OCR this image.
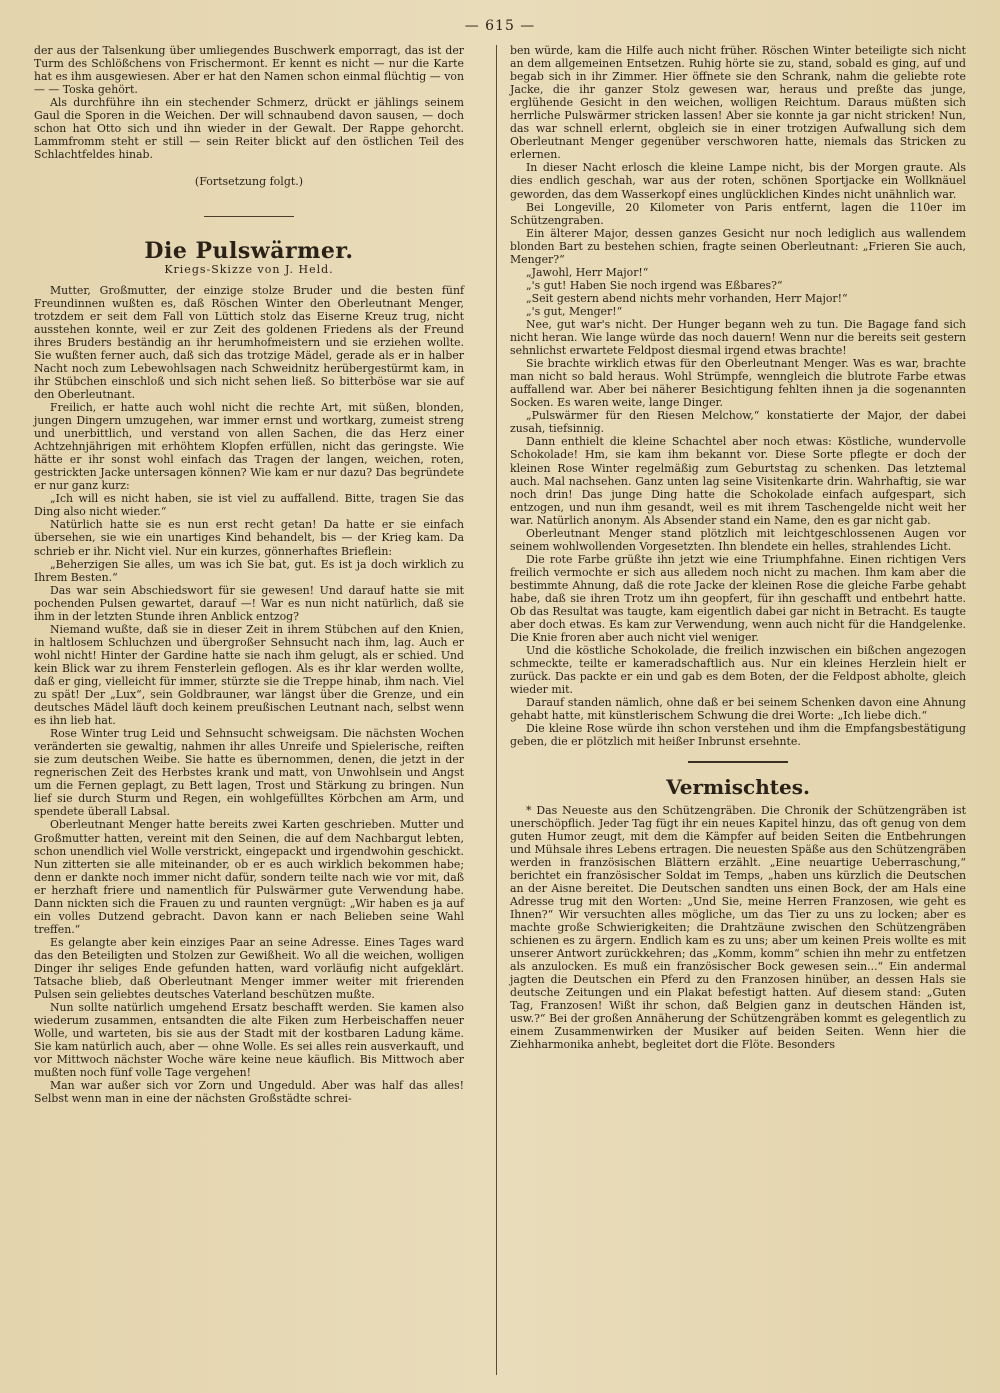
— 615 —

der aus der Talsenkung über umliegendes Buschwerk emporragt, das ist der Turm des Schlößchens von Frischermont. Er kennt es nicht — nur die Karte hat es ihm ausgewiesen. Aber er hat den Namen schon einmal flüchtig — von — — Toska gehört.

Als durchführe ihn ein stechender Schmerz, drückt er jählings seinem Gaul die Sporen in die Weichen. Der will schnaubend davon sausen, — doch schon hat Otto sich und ihn wieder in der Gewalt. Der Rappe gehorcht. Lammfromm steht er still — sein Reiter blickt auf den östlichen Teil des Schlachtfeldes hinab.

(Fortsetzung folgt.)
Die Pulswärmer.
Kriegs-Skizze von J. Held.

Mutter, Großmutter, der einzige stolze Bruder und die besten fünf Freundinnen wußten es, daß Röschen Winter den Oberleutnant Menger, trotzdem er seit dem Fall von Lüttich stolz das Eiserne Kreuz trug, nicht ausstehen konnte, weil er zur Zeit des goldenen Friedens als der Freund ihres Bruders beständig an ihr herumhofmeistern und sie erziehen wollte. Sie wußten ferner auch, daß sich das trotzige Mädel, gerade als er in halber Nacht noch zum Lebewohlsagen nach Schweidnitz herübergestürmt kam, in ihr Stübchen einschloß und sich nicht sehen ließ. So bitterböse war sie auf den Oberleutnant.

Freilich, er hatte auch wohl nicht die rechte Art, mit süßen, blonden, jungen Dingern umzugehen, war immer ernst und wortkarg, zumeist streng und unerbittlich, und verstand von allen Sachen, die das Herz einer Achtzehnjährigen mit erhöhtem Klopfen erfüllen, nicht das geringste. Wie hätte er ihr sonst wohl einfach das Tragen der langen, weichen, roten, gestrickten Jacke untersagen können? Wie kam er nur dazu? Das begründete er nur ganz kurz:

„Ich will es nicht haben, sie ist viel zu auffallend. Bitte, tragen Sie das Ding also nicht wieder.“

Natürlich hatte sie es nun erst recht getan! Da hatte er sie einfach übersehen, sie wie ein unartiges Kind behandelt, bis — der Krieg kam. Da schrieb er ihr. Nicht viel. Nur ein kurzes, gönnerhaftes Brieflein:

„Beherzigen Sie alles, um was ich Sie bat, gut. Es ist ja doch wirklich zu Ihrem Besten.“

Das war sein Abschiedswort für sie gewesen! Und darauf hatte sie mit pochenden Pulsen gewartet, darauf —! War es nun nicht natürlich, daß sie ihm in der letzten Stunde ihren Anblick entzog?

Niemand wußte, daß sie in dieser Zeit in ihrem Stübchen auf den Knien, in haltlosem Schluchzen und übergroßer Sehnsucht nach ihm, lag. Auch er wohl nicht! Hinter der Gardine hatte sie nach ihm gelugt, als er schied. Und kein Blick war zu ihrem Fensterlein geflogen. Als es ihr klar werden wollte, daß er ging, vielleicht für immer, stürzte sie die Treppe hinab, ihm nach. Viel zu spät! Der „Lux“, sein Goldbrauner, war längst über die Grenze, und ein deutsches Mädel läuft doch keinem preußischen Leutnant nach, selbst wenn es ihn lieb hat.

Rose Winter trug Leid und Sehnsucht schweigsam. Die nächsten Wochen veränderten sie gewaltig, nahmen ihr alles Unreife und Spielerische, reiften sie zum deutschen Weibe. Sie hatte es übernommen, denen, die jetzt in der regnerischen Zeit des Herbstes krank und matt, von Unwohlsein und Angst um die Fernen geplagt, zu Bett lagen, Trost und Stärkung zu bringen. Nun lief sie durch Sturm und Regen, ein wohlgefülltes Körbchen am Arm, und spendete überall Labsal.

Oberleutnant Menger hatte bereits zwei Karten geschrieben. Mutter und Großmutter hatten, vereint mit den Seinen, die auf dem Nachbargut lebten, schon unendlich viel Wolle verstrickt, eingepackt und irgendwohin geschickt. Nun zitterten sie alle miteinander, ob er es auch wirklich bekommen habe; denn er dankte noch immer nicht dafür, sondern teilte nach wie vor mit, daß er herzhaft friere und namentlich für Pulswärmer gute Verwendung habe. Dann nickten sich die Frauen zu und raunten vergnügt: „Wir haben es ja auf ein volles Dutzend gebracht. Davon kann er nach Belieben seine Wahl treffen.“

Es gelangte aber kein einziges Paar an seine Adresse. Eines Tages ward das den Beteiligten und Stolzen zur Gewißheit. Wo all die weichen, wolligen Dinger ihr seliges Ende gefunden hatten, ward vorläufig nicht aufgeklärt. Tatsache blieb, daß Oberleutnant Menger immer weiter mit frierenden Pulsen sein geliebtes deutsches Vaterland beschützen mußte.

Nun sollte natürlich umgehend Ersatz beschafft werden. Sie kamen also wiederum zusammen, entsandten die alte Fiken zum Herbeischaffen neuer Wolle, und warteten, bis sie aus der Stadt mit der kostbaren Ladung käme. Sie kam natürlich auch, aber — ohne Wolle. Es sei alles rein ausverkauft, und vor Mittwoch nächster Woche wäre keine neue käuflich. Bis Mittwoch aber mußten noch fünf volle Tage vergehen!

Man war außer sich vor Zorn und Ungeduld. Aber was half das alles! Selbst wenn man in eine der nächsten Großstädte schrei-

ben würde, kam die Hilfe auch nicht früher. Röschen Winter beteiligte sich nicht an dem allgemeinen Entsetzen. Ruhig hörte sie zu, stand, sobald es ging, auf und begab sich in ihr Zimmer. Hier öffnete sie den Schrank, nahm die geliebte rote Jacke, die ihr ganzer Stolz gewesen war, heraus und preßte das junge, erglühende Gesicht in den weichen, wolligen Reichtum. Daraus müßten sich herrliche Pulswärmer stricken lassen! Aber sie konnte ja gar nicht stricken! Nun, das war schnell erlernt, obgleich sie in einer trotzigen Aufwallung sich dem Oberleutnant Menger gegenüber verschworen hatte, niemals das Stricken zu erlernen.

In dieser Nacht erlosch die kleine Lampe nicht, bis der Morgen graute. Als dies endlich geschah, war aus der roten, schönen Sportjacke ein Wollknäuel geworden, das dem Wasserkopf eines unglücklichen Kindes nicht unähnlich war.

Bei Longeville, 20 Kilometer von Paris entfernt, lagen die 110er im Schützengraben.

Ein älterer Major, dessen ganzes Gesicht nur noch lediglich aus wallendem blonden Bart zu bestehen schien, fragte seinen Oberleutnant: „Frieren Sie auch, Menger?“

„Jawohl, Herr Major!“

„'s gut! Haben Sie noch irgend was Eßbares?“

„Seit gestern abend nichts mehr vorhanden, Herr Major!“

„'s gut, Menger!“

Nee, gut war's nicht. Der Hunger begann weh zu tun. Die Bagage fand sich nicht heran. Wie lange würde das noch dauern! Wenn nur die bereits seit gestern sehnlichst erwartete Feldpost diesmal irgend etwas brachte!

Sie brachte wirklich etwas für den Oberleutnant Menger. Was es war, brachte man nicht so bald heraus. Wohl Strümpfe, wenngleich die blutrote Farbe etwas auffallend war. Aber bei näherer Besichtigung fehlten ihnen ja die sogenannten Socken. Es waren weite, lange Dinger.

„Pulswärmer für den Riesen Melchow,“ konstatierte der Major, der dabei zusah, tiefsinnig.

Dann enthielt die kleine Schachtel aber noch etwas: Köstliche, wundervolle Schokolade! Hm, sie kam ihm bekannt vor. Diese Sorte pflegte er doch der kleinen Rose Winter regelmäßig zum Geburtstag zu schenken. Das letztemal auch. Mal nachsehen. Ganz unten lag seine Visitenkarte drin. Wahrhaftig, sie war noch drin! Das junge Ding hatte die Schokolade einfach aufgespart, sich entzogen, und nun ihm gesandt, weil es mit ihrem Taschengelde nicht weit her war. Natürlich anonym. Als Absender stand ein Name, den es gar nicht gab.

Oberleutnant Menger stand plötzlich mit leichtgeschlossenen Augen vor seinem wohlwollenden Vorgesetzten. Ihn blendete ein helles, strahlendes Licht.

Die rote Farbe grüßte ihn jetzt wie eine Triumphfahne. Einen richtigen Vers freilich vermochte er sich aus alledem noch nicht zu machen. Ihm kam aber die bestimmte Ahnung, daß die rote Jacke der kleinen Rose die gleiche Farbe gehabt habe, daß sie ihren Trotz um ihn geopfert, für ihn geschafft und entbehrt hatte. Ob das Resultat was taugte, kam eigentlich dabei gar nicht in Betracht. Es taugte aber doch etwas. Es kam zur Verwendung, wenn auch nicht für die Handgelenke. Die Knie froren aber auch nicht viel weniger.

Und die köstliche Schokolade, die freilich inzwischen ein bißchen angezogen schmeckte, teilte er kameradschaftlich aus. Nur ein kleines Herzlein hielt er zurück. Das packte er ein und gab es dem Boten, der die Feldpost abholte, gleich wieder mit.

Darauf standen nämlich, ohne daß er bei seinem Schenken davon eine Ahnung gehabt hatte, mit künstlerischem Schwung die drei Worte: „Ich liebe dich.“

Die kleine Rose würde ihn schon verstehen und ihm die Empfangsbestätigung geben, die er plötzlich mit heißer Inbrunst ersehnte.

Vermischtes.

* Das Neueste aus den Schützengräben. Die Chronik der Schützengräben ist unerschöpflich. Jeder Tag fügt ihr ein neues Kapitel hinzu, das oft genug von dem guten Humor zeugt, mit dem die Kämpfer auf beiden Seiten die Entbehrungen und Mühsale ihres Lebens ertragen. Die neuesten Späße aus den Schützengräben werden in französischen Blättern erzählt. „Eine neuartige Ueberraschung,“ berichtet ein französischer Soldat im Temps, „haben uns kürzlich die Deutschen an der Aisne bereitet. Die Deutschen sandten uns einen Bock, der am Hals eine Adresse trug mit den Worten: „Und Sie, meine Herren Franzosen, wie geht es Ihnen?“ Wir versuchten alles mögliche, um das Tier zu uns zu locken; aber es machte große Schwierigkeiten; die Drahtzäune zwischen den Schützengräben schienen es zu ärgern. Endlich kam es zu uns; aber um keinen Preis wollte es mit unserer Antwort zurückkehren; das „Komm, komm“ schien ihn mehr zu entfetzen als anzulocken. Es muß ein französischer Bock gewesen sein...“ Ein andermal jagten die Deutschen ein Pferd zu den Franzosen hinüber, an dessen Hals sie deutsche Zeitungen und ein Plakat befestigt hatten. Auf diesem stand: „Guten Tag, Franzosen! Wißt ihr schon, daß Belgien ganz in deutschen Händen ist, usw.?“ Bei der großen Annäherung der Schützengräben kommt es gelegentlich zu einem Zusammenwirken der Musiker auf beiden Seiten. Wenn hier die Ziehharmonika anhebt, begleitet dort die Flöte. Besonders
